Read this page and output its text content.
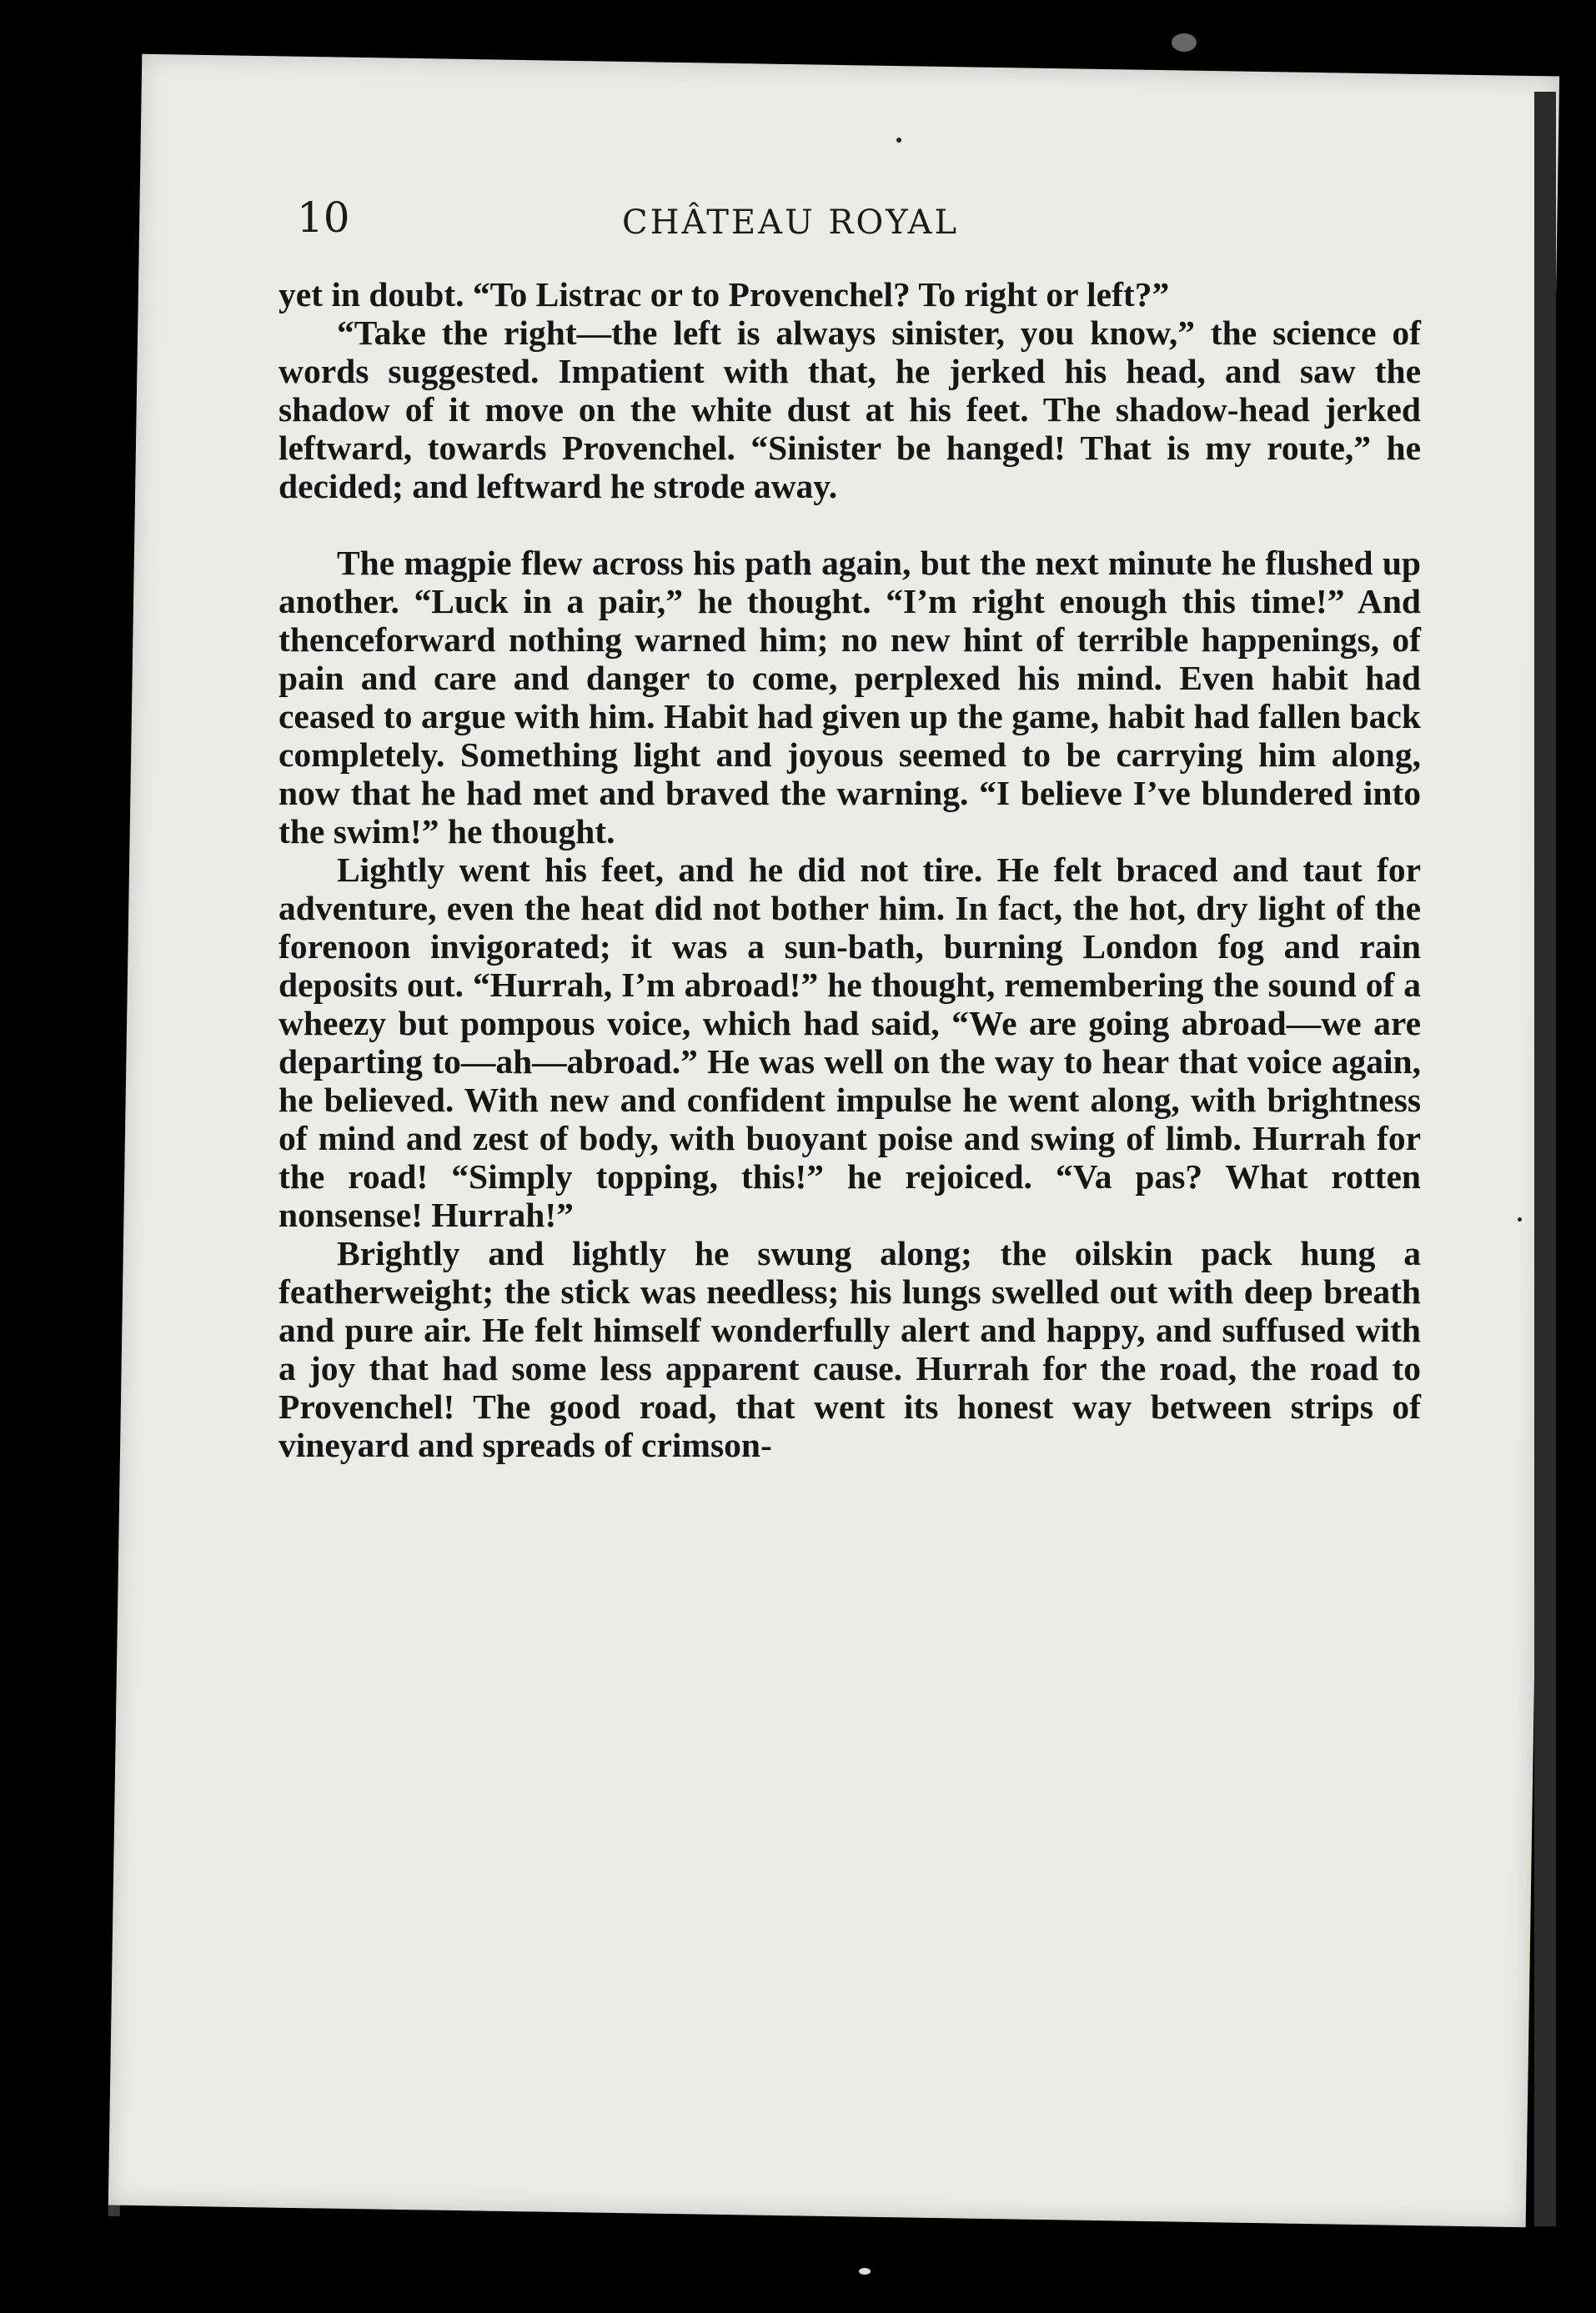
10	CHÂTEAU ROYAL

yet in doubt. “To Listrac or to Provenchel? To right or left?”

“Take the right—the left is always sinister, you know,” the science of words suggested. Impatient with that, he jerked his head, and saw the shadow of it move on the white dust at his feet. The shadow-head jerked leftward, towards Provenchel. “Sinister be hanged! That is my route,” he decided; and leftward he strode away.

The magpie flew across his path again, but the next minute he flushed up another. “Luck in a pair,” he thought. “I’m right enough this time!” And thenceforward nothing warned him; no new hint of terrible happenings, of pain and care and danger to come, perplexed his mind. Even habit had ceased to argue with him. Habit had given up the game, habit had fallen back completely. Something light and joyous seemed to be carrying him along, now that he had met and braved the warning. “I believe I’ve blundered into the swim!” he thought.

Lightly went his feet, and he did not tire. He felt braced and taut for adventure, even the heat did not bother him. In fact, the hot, dry light of the forenoon invigorated; it was a sun-bath, burning London fog and rain deposits out. “Hurrah, I’m abroad!” he thought, remembering the sound of a wheezy but pompous voice, which had said, “We are going abroad—we are departing to—ah—abroad.” He was well on the way to hear that voice again, he believed. With new and confident impulse he went along, with brightness of mind and zest of body, with buoyant poise and swing of limb. Hurrah for the road! “Simply topping, this!” he rejoiced. “Va pas? What rotten nonsense! Hurrah!”

Brightly and lightly he swung along; the oilskin pack hung a featherweight; the stick was needless; his lungs swelled out with deep breath and pure air. He felt himself wonderfully alert and happy, and suffused with a joy that had some less apparent cause. Hurrah for the road, the road to Provenchel! The good road, that went its honest way between strips of vineyard and spreads of crimson-
